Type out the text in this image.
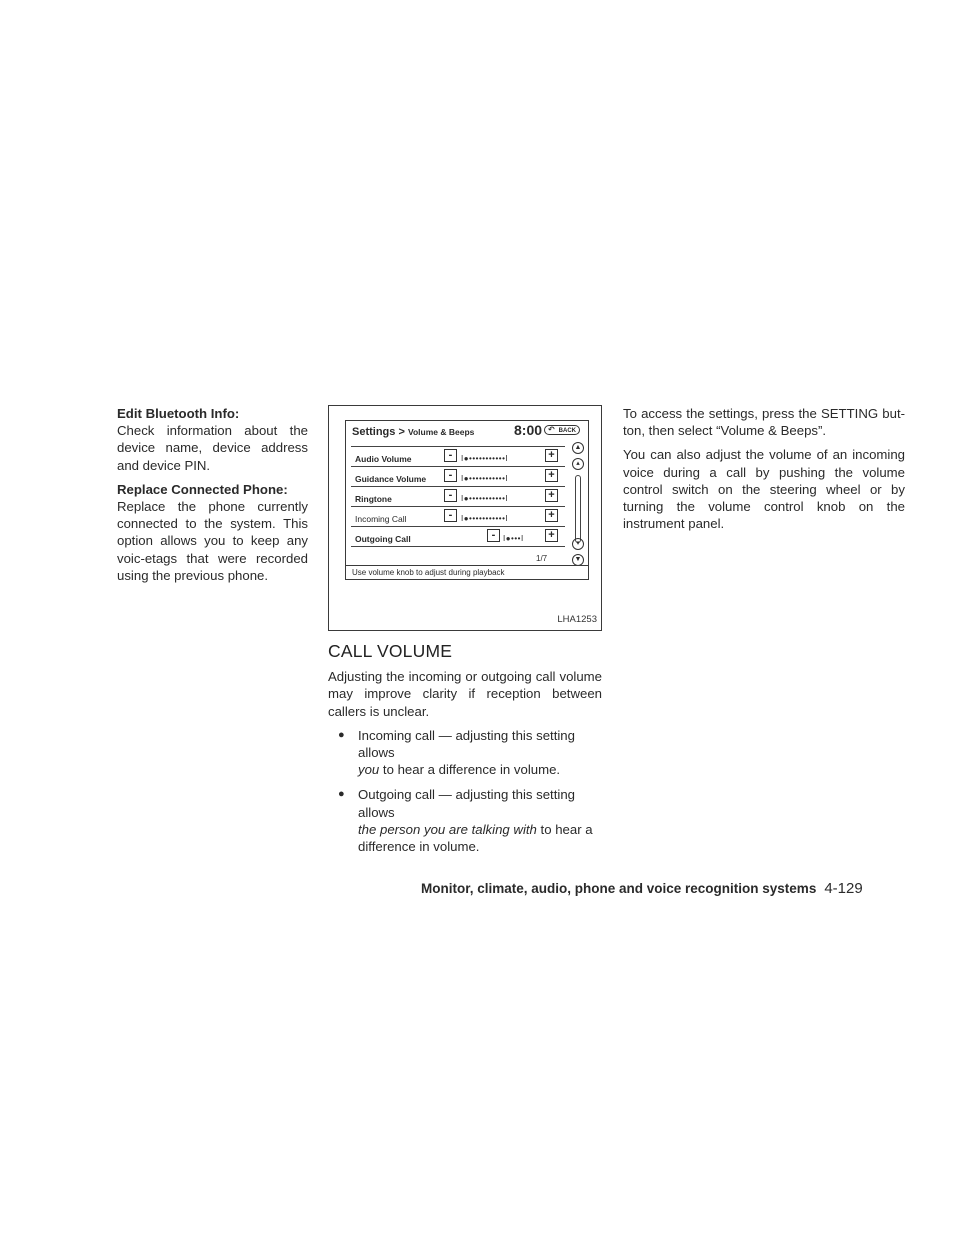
Edit Bluetooth Info:

Check information about the device name, device address and device PIN.

Replace Connected Phone:

Replace the phone currently connected to the system. This option allows you to keep any voic-etags that were recorded using the previous phone.

Settings > Volume & Beeps	8:00
↶	BACK
Audio Volume	-	I●•••••••••••I	+
Guidance Volume	-	I●•••••••••••I	+
Ringtone	-	I●•••••••••••I	+
Incoming Call	-	I●•••••••••••I	+
Outgoing Call	- I●•••I +
▲
▴
▾
▼
1/7
Use volume knob to adjust during playback
LHA1253
CALL VOLUME

Adjusting the incoming or outgoing call volume may improve clarity if reception between callers is unclear.

● Incoming call — adjusting this setting allows
you to hear a difference in volume.
● Outgoing call — adjusting this setting allows
the person you are talking with to hear a difference in volume.

To access the settings, press the SETTING but-ton, then select “Volume & Beeps”.

You can also adjust the volume of an incoming voice during a call by pushing the volume control switch on the steering wheel or by turning the volume control knob on the instrument panel.

Monitor, climate, audio, phone and voice recognition systems 4-129
